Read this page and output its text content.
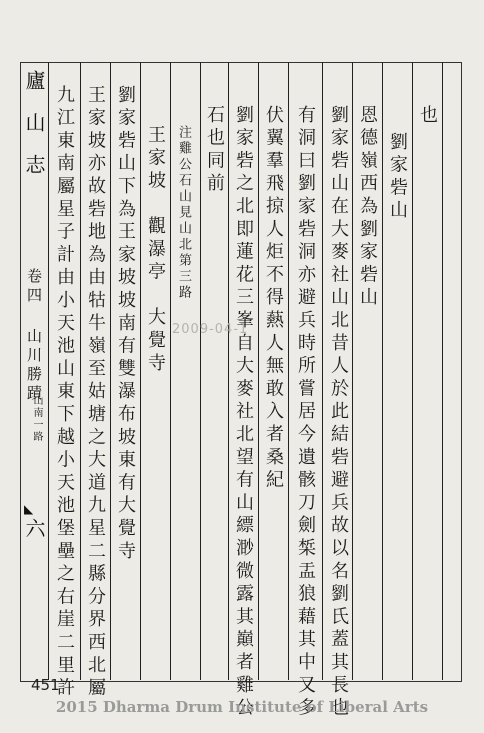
廬山志
卷四 山川勝蹟
山南一路
◣
六
也
劉家砦山
恩德嶺西為劉家砦山
劉家砦山在大麥社山北昔人於此結砦避兵故以名劉氏蓋其長也
有洞曰劉家砦洞亦避兵時所嘗居今遺骸刀劍椞盂狼藉其中又多
伏翼羣飛掠人炬不得爇人無敢入者桑紀
劉家砦之北即蓮花三峯自大麥社北望有山縹渺微露其巔者雞公
石也同前
注雞公石山見山北第三路
王家坡　觀瀑亭　大覺寺
劉家砦山下為王家坡坡南有雙瀑布坡東有大覺寺
王家坡亦故砦地為由牯牛嶺至姑塘之大道九星二縣分界西北屬
九江東南屬星子計由小天池山東下越小天池堡壘之右崖二里許	2009-04-1
451
2015 Dharma Drum Institute of Liberal Arts
